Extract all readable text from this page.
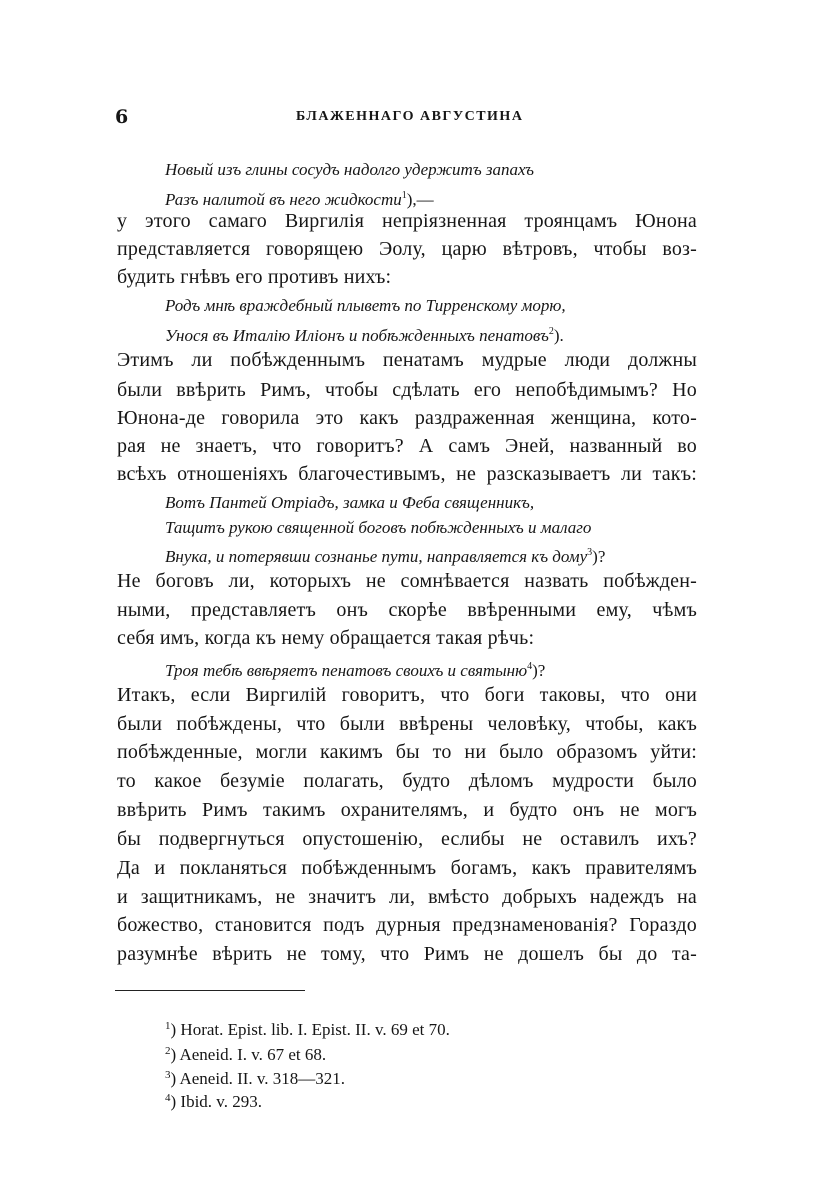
6	БЛАЖЕННАГО АВГУСТИНА
Новый изъ глины сосудъ надолго удержитъ запахъ
Разъ налитой въ него жидкости$^1$),—
у этого самаго Виргилія непріязненная троянцамъ Юнона
представляется говорящею Эолу, царю вѣтровъ, чтобы воз-
будить гнѣвъ его противъ нихъ:
Родъ мнѣ враждебный плыветъ по Тирренскому морю,
Унося въ Италію Иліонъ и побѣжденныхъ пенатовъ$^2$).
Этимъ ли побѣжденнымъ пенатамъ мудрые люди должны
были ввѣрить Римъ, чтобы сдѣлать его непобѣдимымъ? Но
Юнона-де говорила это какъ раздраженная женщина, кото-
рая не знаетъ, что говоритъ? А самъ Эней, названный во
всѣхъ отношеніяхъ благочестивымъ, не разсказываетъ ли такъ:
Вотъ Пантей Отріадъ, замка и Феба священникъ,
Тащитъ рукою священной боговъ побѣжденныхъ и малаго
Внука, и потерявши сознанье пути, направляется къ дому$^3$)?
Не боговъ ли, которыхъ не сомнѣвается назвать побѣжден-
ными, представляетъ онъ скорѣе ввѣренными ему, чѣмъ
себя имъ, когда къ нему обращается такая рѣчь:
Троя тебѣ ввѣряетъ пенатовъ своихъ и святыню$^4$)?
Итакъ, если Виргилій говоритъ, что боги таковы, что они
были побѣждены, что были ввѣрены человѣку, чтобы, какъ
побѣжденные, могли какимъ бы то ни было образомъ уйти:
то какое безуміе полагать, будто дѣломъ мудрости было
ввѣрить Римъ такимъ охранителямъ, и будто онъ не могъ
бы подвергнуться опустошенію, еслибы не оставилъ ихъ?
Да и покланяться побѣжденнымъ богамъ, какъ правителямъ
и защитникамъ, не значитъ ли, вмѣсто добрыхъ надеждъ на
божество, становится подъ дурныя предзнаменованія? Гораздо
разумнѣе вѣрить не тому, что Римъ не дошелъ бы до та-
$^1$) Horat. Epist. lib. I. Epist. II. v. 69 et 70.
$^2$) Aeneid. I. v. 67 et 68.
$^3$) Aeneid. II. v. 318—321.
$^4$) Ibid. v. 293.
